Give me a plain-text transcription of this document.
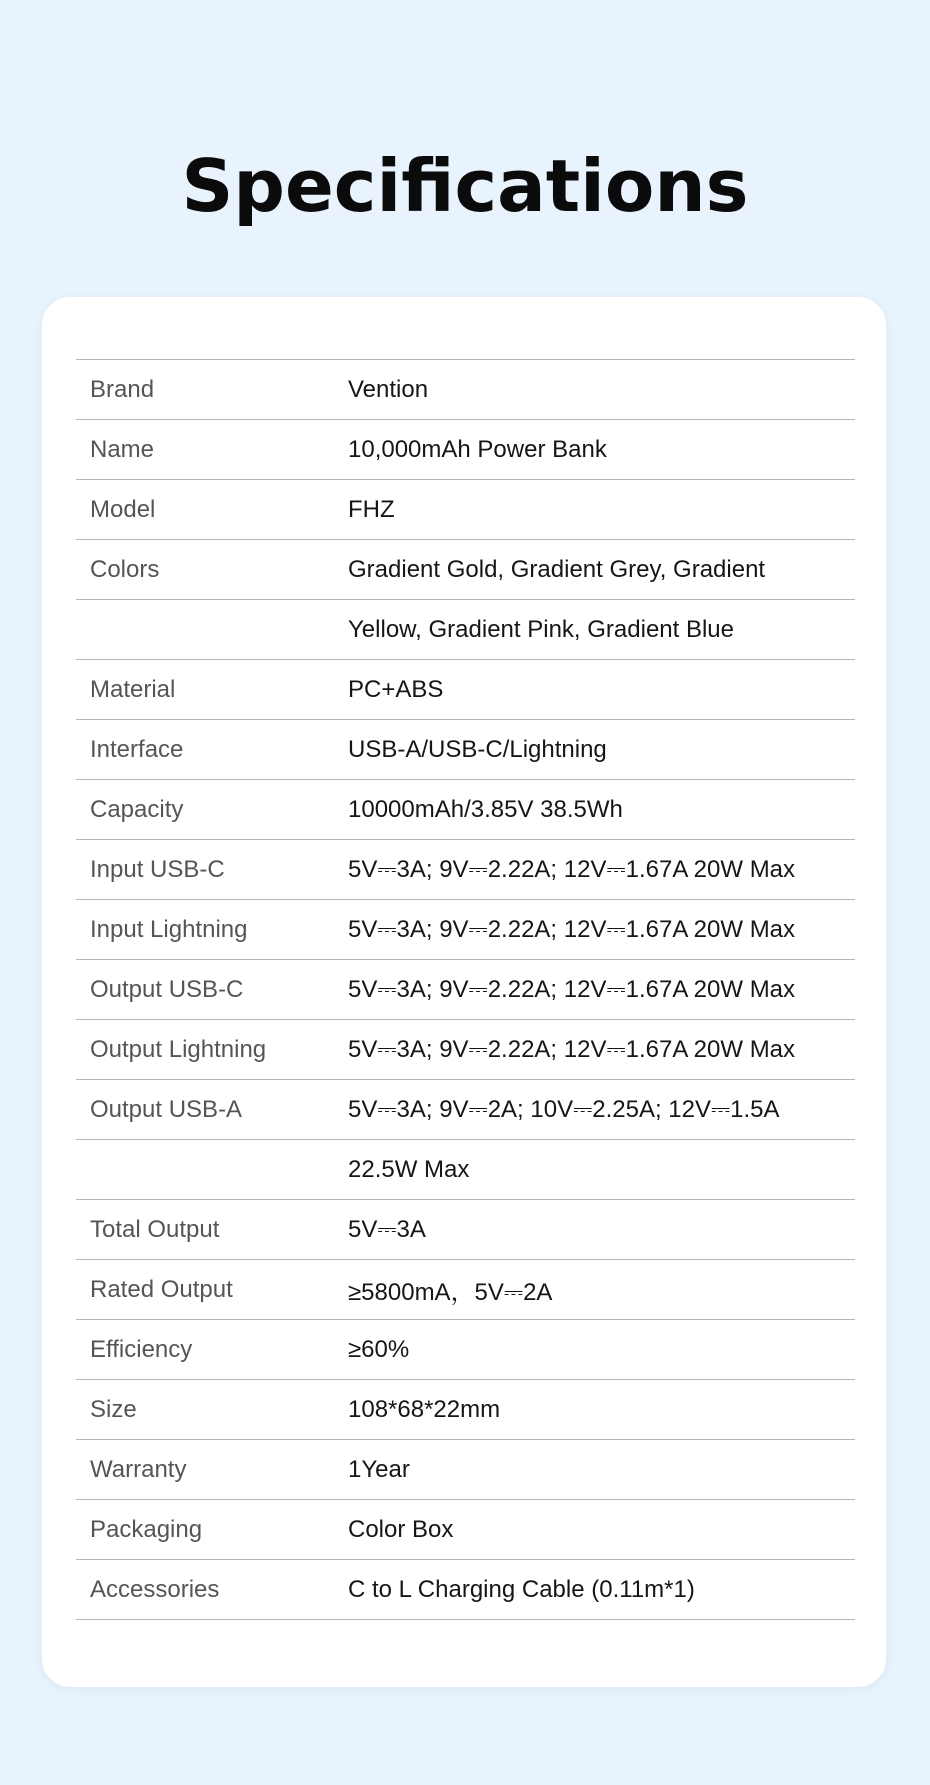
Specifications
Brand	Vention
Name	10,000mAh Power Bank
Model	FHZ
Colors	Gradient Gold, Gradient Grey, Gradient
	Yellow, Gradient Pink, Gradient Blue
Material	PC+ABS
Interface	USB-A/USB-C/Lightning
Capacity	10000mAh/3.85V 38.5Wh
Input USB-C	5V⎓3A; 9V⎓2.22A; 12V⎓1.67A 20W Max
Input Lightning	5V⎓3A; 9V⎓2.22A; 12V⎓1.67A 20W Max
Output USB-C	5V⎓3A; 9V⎓2.22A; 12V⎓1.67A 20W Max
Output Lightning	5V⎓3A; 9V⎓2.22A; 12V⎓1.67A 20W Max
Output USB-A	5V⎓3A; 9V⎓2A; 10V⎓2.25A; 12V⎓1.5A
	22.5W Max
Total Output	5V⎓3A
Rated Output	≥5800mA，5V⎓2A
Efficiency	≥60%
Size	108*68*22mm
Warranty	1Year
Packaging	Color Box
Accessories	C to L Charging Cable (0.11m*1)
